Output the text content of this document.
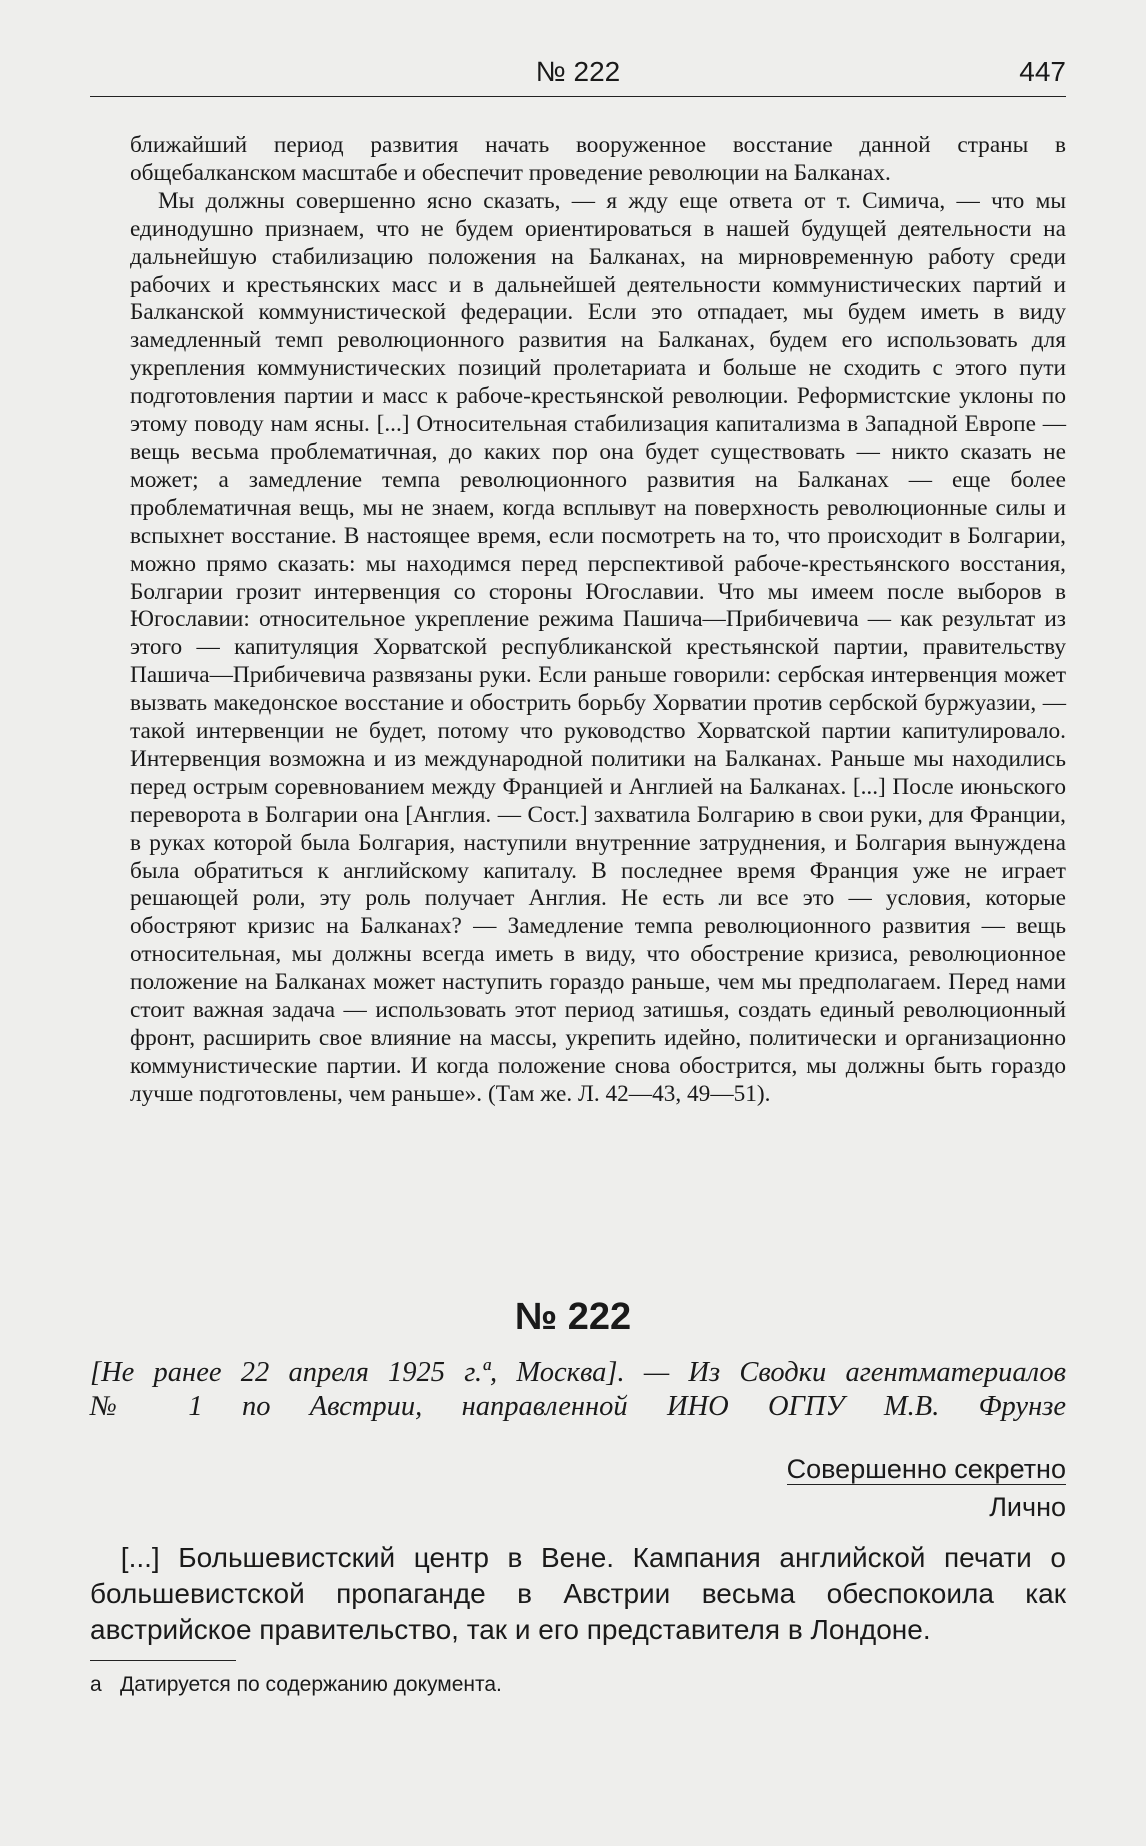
№ 222	447

ближайший период развития начать вооруженное восстание данной страны в общебалканском масштабе и обеспечит проведение революции на Балканах.

Мы должны совершенно ясно сказать, — я жду еще ответа от т. Симича, — что мы единодушно признаем, что не будем ориентироваться в нашей будущей деятельности на дальнейшую стабилизацию положения на Балканах, на мирновременную работу среди рабочих и крестьянских масс и в дальнейшей деятельности коммунистических партий и Балканской коммунистической федерации. Если это отпадает, мы будем иметь в виду замедленный темп революционного развития на Балканах, будем его использовать для укрепления коммунистических позиций пролетариата и больше не сходить с этого пути подготовления партии и масс к рабоче-крестьянской революции. Реформистские уклоны по этому поводу нам ясны. [...] Относительная стабилизация капитализма в Западной Европе — вещь весьма проблематичная, до каких пор она будет существовать — никто сказать не может; а замедление темпа революционного развития на Балканах — еще более проблематичная вещь, мы не знаем, когда всплывут на поверхность революционные силы и вспыхнет восстание. В настоящее время, если посмотреть на то, что происходит в Болгарии, можно прямо сказать: мы находимся перед перспективой рабоче-крестьянского восстания, Болгарии грозит интервенция со стороны Югославии. Что мы имеем после выборов в Югославии: относительное укрепление режима Пашича—Прибичевича — как результат из этого — капитуляция Хорватской республиканской крестьянской партии, правительству Пашича—Прибичевича развязаны руки. Если раньше говорили: сербская интервенция может вызвать македонское восстание и обострить борьбу Хорватии против сербской буржуазии, — такой интервенции не будет, потому что руководство Хорватской партии капитулировало. Интервенция возможна и из международной политики на Балканах. Раньше мы находились перед острым соревнованием между Францией и Англией на Балканах. [...] После июньского переворота в Болгарии она [Англия. — Сост.] захватила Болгарию в свои руки, для Франции, в руках которой была Болгария, наступили внутренние затруднения, и Болгария вынуждена была обратиться к английскому капиталу. В последнее время Франция уже не играет решающей роли, эту роль получает Англия. Не есть ли все это — условия, которые обостряют кризис на Балканах? — Замедление темпа революционного развития — вещь относительная, мы должны всегда иметь в виду, что обострение кризиса, революционное положение на Балканах может наступить гораздо раньше, чем мы предполагаем. Перед нами стоит важная задача — использовать этот период затишья, создать единый революционный фронт, расширить свое влияние на массы, укрепить идейно, политически и организационно коммунистические партии. И когда положение снова обострится, мы должны быть гораздо лучше подготовлены, чем раньше». (Там же. Л. 42—43, 49—51).

№ 222
[Не ранее 22 апреля 1925 г.ª, Москва]. — Из Сводки агентматериалов
№ 1 по Австрии, направленной ИНО ОГПУ М.В. Фрунзе
Совершенно секретно
Лично
[...] Большевистский центр в Вене. Кампания английской печати о большевистской пропаганде в Австрии весьма обеспокоила как австрийское правительство, так и его представителя в Лондоне.
а Датируется по содержанию документа.
